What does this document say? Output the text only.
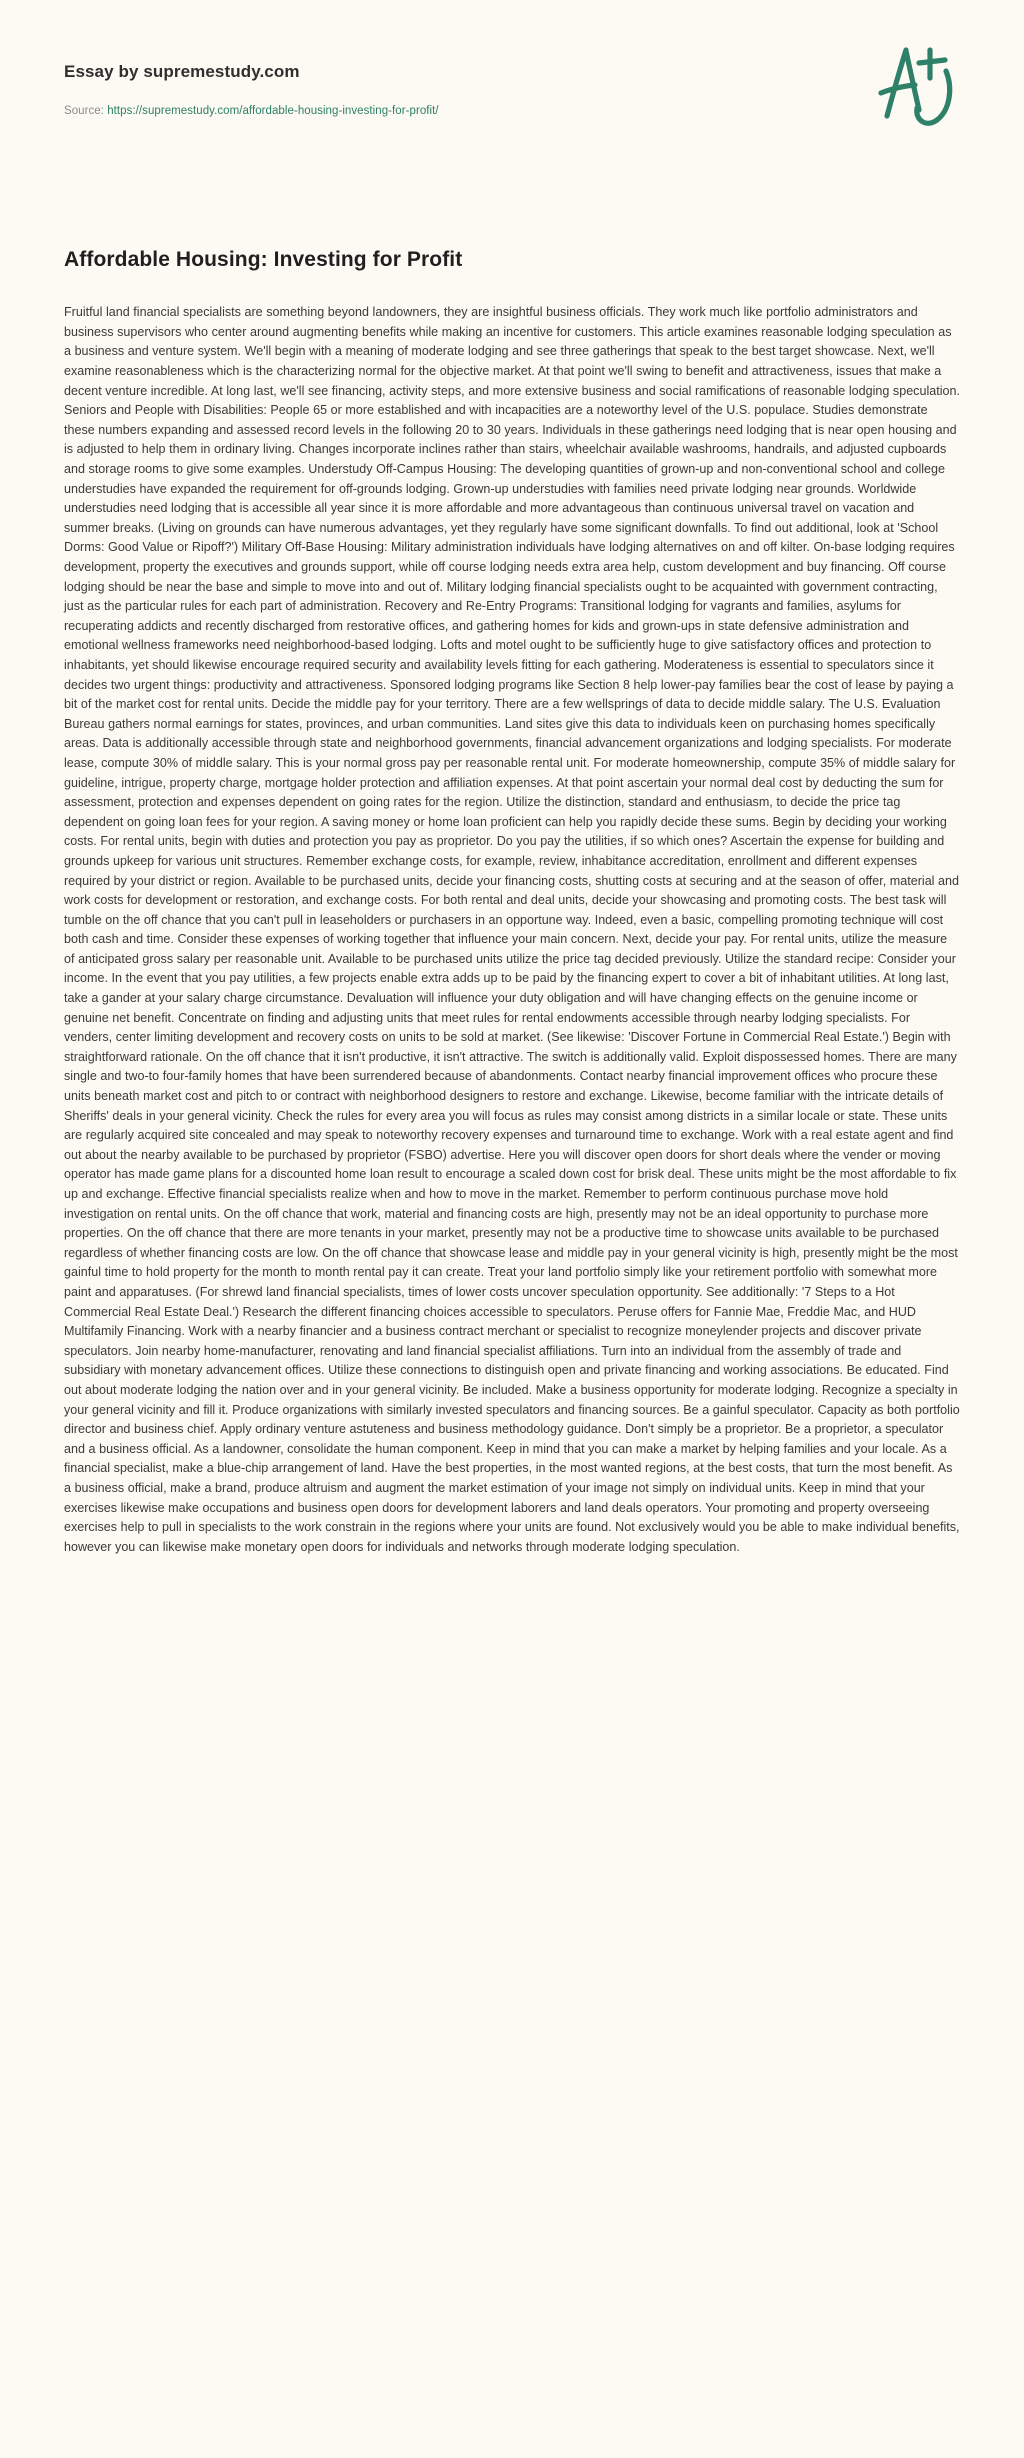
Essay by supremestudy.com
Source: https://supremestudy.com/affordable-housing-investing-for-profit/
Affordable Housing: Investing for Profit

Fruitful land financial specialists are something beyond landowners, they are insightful business officials. They work much like portfolio administrators and business supervisors who center around augmenting benefits while making an incentive for customers. This article examines reasonable lodging speculation as a business and venture system. We'll begin with a meaning of moderate lodging and see three gatherings that speak to the best target showcase. Next, we'll examine reasonableness which is the characterizing normal for the objective market. At that point we'll swing to benefit and attractiveness, issues that make a decent venture incredible. At long last, we'll see financing, activity steps, and more extensive business and social ramifications of reasonable lodging speculation. Seniors and People with Disabilities: People 65 or more established and with incapacities are a noteworthy level of the U.S. populace. Studies demonstrate these numbers expanding and assessed record levels in the following 20 to 30 years. Individuals in these gatherings need lodging that is near open housing and is adjusted to help them in ordinary living. Changes incorporate inclines rather than stairs, wheelchair available washrooms, handrails, and adjusted cupboards and storage rooms to give some examples. Understudy Off-Campus Housing: The developing quantities of grown-up and non-conventional school and college understudies have expanded the requirement for off-grounds lodging. Grown-up understudies with families need private lodging near grounds. Worldwide understudies need lodging that is accessible all year since it is more affordable and more advantageous than continuous universal travel on vacation and summer breaks. (Living on grounds can have numerous advantages, yet they regularly have some significant downfalls. To find out additional, look at 'School Dorms: Good Value or Ripoff?') Military Off-Base Housing: Military administration individuals have lodging alternatives on and off kilter. On-base lodging requires development, property the executives and grounds support, while off course lodging needs extra area help, custom development and buy financing. Off course lodging should be near the base and simple to move into and out of. Military lodging financial specialists ought to be acquainted with government contracting, just as the particular rules for each part of administration. Recovery and Re-Entry Programs: Transitional lodging for vagrants and families, asylums for recuperating addicts and recently discharged from restorative offices, and gathering homes for kids and grown-ups in state defensive administration and emotional wellness frameworks need neighborhood-based lodging. Lofts and motel ought to be sufficiently huge to give satisfactory offices and protection to inhabitants, yet should likewise encourage required security and availability levels fitting for each gathering. Moderateness is essential to speculators since it decides two urgent things: productivity and attractiveness. Sponsored lodging programs like Section 8 help lower-pay families bear the cost of lease by paying a bit of the market cost for rental units. Decide the middle pay for your territory. There are a few wellsprings of data to decide middle salary. The U.S. Evaluation Bureau gathers normal earnings for states, provinces, and urban communities. Land sites give this data to individuals keen on purchasing homes specifically areas. Data is additionally accessible through state and neighborhood governments, financial advancement organizations and lodging specialists. For moderate lease, compute 30% of middle salary. This is your normal gross pay per reasonable rental unit. For moderate homeownership, compute 35% of middle salary for guideline, intrigue, property charge, mortgage holder protection and affiliation expenses. At that point ascertain your normal deal cost by deducting the sum for assessment, protection and expenses dependent on going rates for the region. Utilize the distinction, standard and enthusiasm, to decide the price tag dependent on going loan fees for your region. A saving money or home loan proficient can help you rapidly decide these sums. Begin by deciding your working costs. For rental units, begin with duties and protection you pay as proprietor. Do you pay the utilities, if so which ones? Ascertain the expense for building and grounds upkeep for various unit structures. Remember exchange costs, for example, review, inhabitance accreditation, enrollment and different expenses required by your district or region. Available to be purchased units, decide your financing costs, shutting costs at securing and at the season of offer, material and work costs for development or restoration, and exchange costs. For both rental and deal units, decide your showcasing and promoting costs. The best task will tumble on the off chance that you can't pull in leaseholders or purchasers in an opportune way. Indeed, even a basic, compelling promoting technique will cost both cash and time. Consider these expenses of working together that influence your main concern. Next, decide your pay. For rental units, utilize the measure of anticipated gross salary per reasonable unit. Available to be purchased units utilize the price tag decided previously. Utilize the standard recipe: Consider your income. In the event that you pay utilities, a few projects enable extra adds up to be paid by the financing expert to cover a bit of inhabitant utilities. At long last, take a gander at your salary charge circumstance. Devaluation will influence your duty obligation and will have changing effects on the genuine income or genuine net benefit. Concentrate on finding and adjusting units that meet rules for rental endowments accessible through nearby lodging specialists. For venders, center limiting development and recovery costs on units to be sold at market. (See likewise: 'Discover Fortune in Commercial Real Estate.') Begin with straightforward rationale. On the off chance that it isn't productive, it isn't attractive. The switch is additionally valid. Exploit dispossessed homes. There are many single and two-to four-family homes that have been surrendered because of abandonments. Contact nearby financial improvement offices who procure these units beneath market cost and pitch to or contract with neighborhood designers to restore and exchange. Likewise, become familiar with the intricate details of Sheriffs' deals in your general vicinity. Check the rules for every area you will focus as rules may consist among districts in a similar locale or state. These units are regularly acquired site concealed and may speak to noteworthy recovery expenses and turnaround time to exchange. Work with a real estate agent and find out about the nearby available to be purchased by proprietor (FSBO) advertise. Here you will discover open doors for short deals where the vender or moving operator has made game plans for a discounted home loan result to encourage a scaled down cost for brisk deal. These units might be the most affordable to fix up and exchange. Effective financial specialists realize when and how to move in the market. Remember to perform continuous purchase move hold investigation on rental units. On the off chance that work, material and financing costs are high, presently may not be an ideal opportunity to purchase more properties. On the off chance that there are more tenants in your market, presently may not be a productive time to showcase units available to be purchased regardless of whether financing costs are low. On the off chance that showcase lease and middle pay in your general vicinity is high, presently might be the most gainful time to hold property for the month to month rental pay it can create. Treat your land portfolio simply like your retirement portfolio with somewhat more paint and apparatuses. (For shrewd land financial specialists, times of lower costs uncover speculation opportunity. See additionally: '7 Steps to a Hot Commercial Real Estate Deal.') Research the different financing choices accessible to speculators. Peruse offers for Fannie Mae, Freddie Mac, and HUD Multifamily Financing. Work with a nearby financier and a business contract merchant or specialist to recognize moneylender projects and discover private speculators. Join nearby home-manufacturer, renovating and land financial specialist affiliations. Turn into an individual from the assembly of trade and subsidiary with monetary advancement offices. Utilize these connections to distinguish open and private financing and working associations. Be educated. Find out about moderate lodging the nation over and in your general vicinity. Be included. Make a business opportunity for moderate lodging. Recognize a specialty in your general vicinity and fill it. Produce organizations with similarly invested speculators and financing sources. Be a gainful speculator. Capacity as both portfolio director and business chief. Apply ordinary venture astuteness and business methodology guidance. Don't simply be a proprietor. Be a proprietor, a speculator and a business official. As a landowner, consolidate the human component. Keep in mind that you can make a market by helping families and your locale. As a financial specialist, make a blue-chip arrangement of land. Have the best properties, in the most wanted regions, at the best costs, that turn the most benefit. As a business official, make a brand, produce altruism and augment the market estimation of your image not simply on individual units. Keep in mind that your exercises likewise make occupations and business open doors for development laborers and land deals operators. Your promoting and property overseeing exercises help to pull in specialists to the work constrain in the regions where your units are found. Not exclusively would you be able to make individual benefits, however you can likewise make monetary open doors for individuals and networks through moderate lodging speculation.
